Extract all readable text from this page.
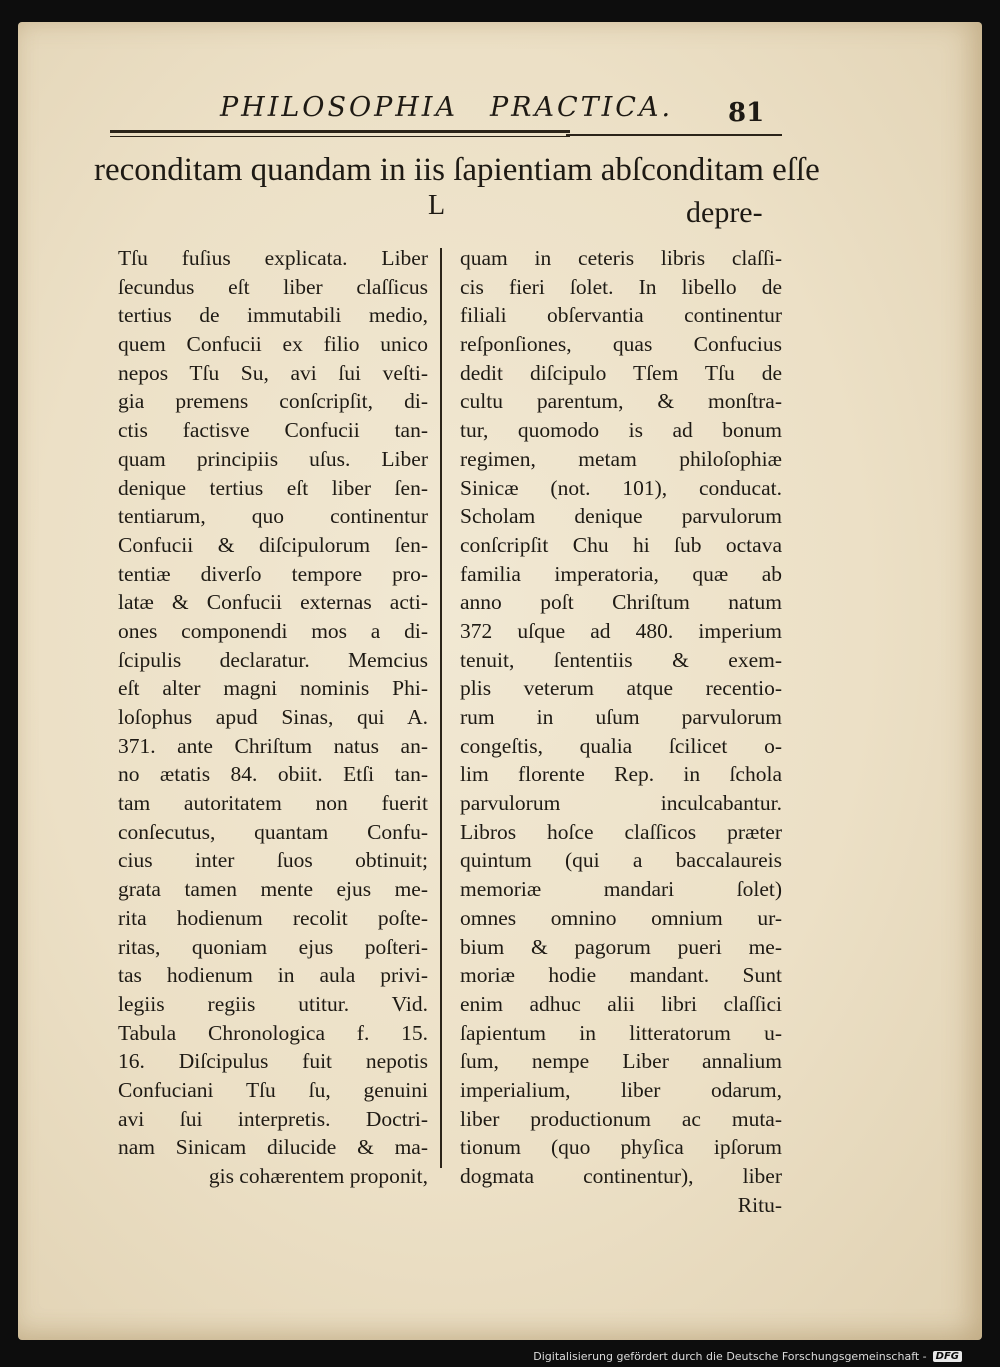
PHILOSOPHIA PRACTICA. 81
reconditam quandam in iis ſapientiam abſconditam eſſe
L	depre-
Tſu fuſius explicata. Liber
ſecundus eſt liber claſſicus
tertius de immutabili medio,
quem Confucii ex filio unico
nepos Tſu Su, avi ſui veſti-
gia premens conſcripſit, di-
ctis factisve Confucii tan-
quam principiis uſus. Liber
denique tertius eſt liber ſen-
tentiarum, quo continentur
Confucii & diſcipulorum ſen-
tentiæ diverſo tempore pro-
latæ & Confucii externas acti-
ones componendi mos a di-
ſcipulis declaratur. Memcius
eſt alter magni nominis Phi-
loſophus apud Sinas, qui A.
371. ante Chriſtum natus an-
no ætatis 84. obiit. Etſi tan-
tam autoritatem non fuerit
conſecutus, quantam Confu-
cius inter ſuos obtinuit;
grata tamen mente ejus me-
rita hodienum recolit poſte-
ritas, quoniam ejus poſteri-
tas hodienum in aula privi-
legiis regiis utitur. Vid.
Tabula Chronologica f. 15.
16. Diſcipulus fuit nepotis
Confuciani Tſu ſu, genuini
avi ſui interpretis. Doctri-
nam Sinicam dilucide & ma-
gis cohærentem proponit,
quam in ceteris libris claſſi-
cis fieri ſolet. In libello de
filiali obſervantia continentur
reſponſiones, quas Confucius
dedit diſcipulo Tſem Tſu de
cultu parentum, & monſtra-
tur, quomodo is ad bonum
regimen, metam philoſophiæ
Sinicæ (not. 101), conducat.
Scholam denique parvulorum
conſcripſit Chu hi ſub octava
familia imperatoria, quæ ab
anno poſt Chriſtum natum
372 uſque ad 480. imperium
tenuit, ſententiis & exem-
plis veterum atque recentio-
rum in uſum parvulorum
congeſtis, qualia ſcilicet o-
lim florente Rep. in ſchola
parvulorum inculcabantur.
Libros hoſce claſſicos præter
quintum (qui a baccalaureis
memoriæ mandari ſolet)
omnes omnino omnium ur-
bium & pagorum pueri me-
moriæ hodie mandant. Sunt
enim adhuc alii libri claſſici
ſapientum in litteratorum u-
ſum, nempe Liber annalium
imperialium, liber odarum,
liber productionum ac muta-
tionum (quo phyſica ipſorum
dogmata continentur), liber
Ritu-
Digitalisierung gefördert durch die Deutsche Forschungsgemeinschaft - DFG
